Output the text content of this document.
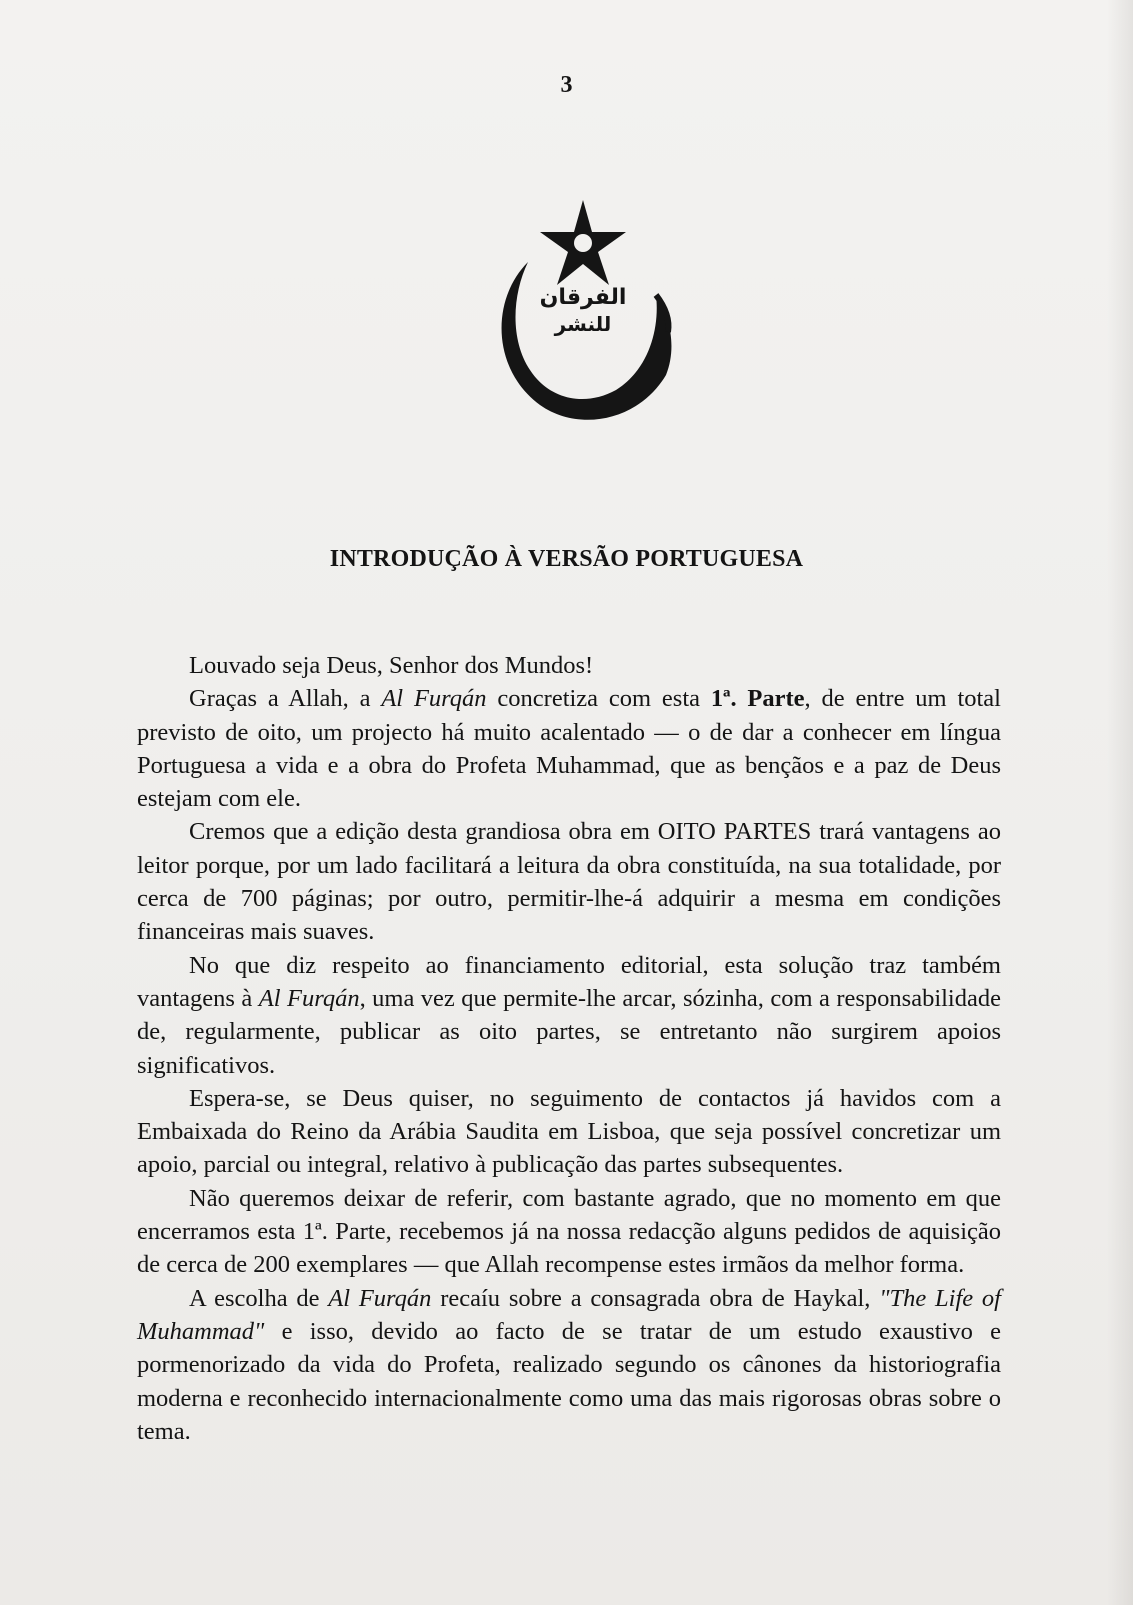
3
الفرقان
للنشر
INTRODUÇÃO À VERSÃO PORTUGUESA

Louvado seja Deus, Senhor dos Mundos!

Graças a Allah, a Al Furqán concretiza com esta 1ª. Parte, de entre um total previsto de oito, um projecto há muito acalentado — o de dar a conhecer em língua Portuguesa a vida e a obra do Profeta Muhammad, que as bençãos e a paz de Deus estejam com ele.

Cremos que a edição desta grandiosa obra em OITO PARTES trará vantagens ao leitor porque, por um lado facilitará a leitura da obra constituída, na sua totalidade, por cerca de 700 páginas; por outro, permitir-lhe-á adquirir a mesma em condições financeiras mais suaves.

No que diz respeito ao financiamento editorial, esta solução traz também vantagens à Al Furqán, uma vez que permite-lhe arcar, sózinha, com a responsabilidade de, regularmente, publicar as oito partes, se entretanto não surgirem apoios significativos.

Espera-se, se Deus quiser, no seguimento de contactos já havidos com a Embaixada do Reino da Arábia Saudita em Lisboa, que seja possível concretizar um apoio, parcial ou integral, relativo à publicação das partes subsequentes.

Não queremos deixar de referir, com bastante agrado, que no momento em que encerramos esta 1ª. Parte, recebemos já na nossa redacção alguns pedidos de aquisição de cerca de 200 exemplares — que Allah recompense estes irmãos da melhor forma.

A escolha de Al Furqán recaíu sobre a consagrada obra de Haykal, "The Life of Muhammad" e isso, devido ao facto de se tratar de um estudo exaustivo e pormenorizado da vida do Profeta, realizado segundo os cânones da historiografia moderna e reconhecido internacionalmente como uma das mais rigorosas obras sobre o tema.
